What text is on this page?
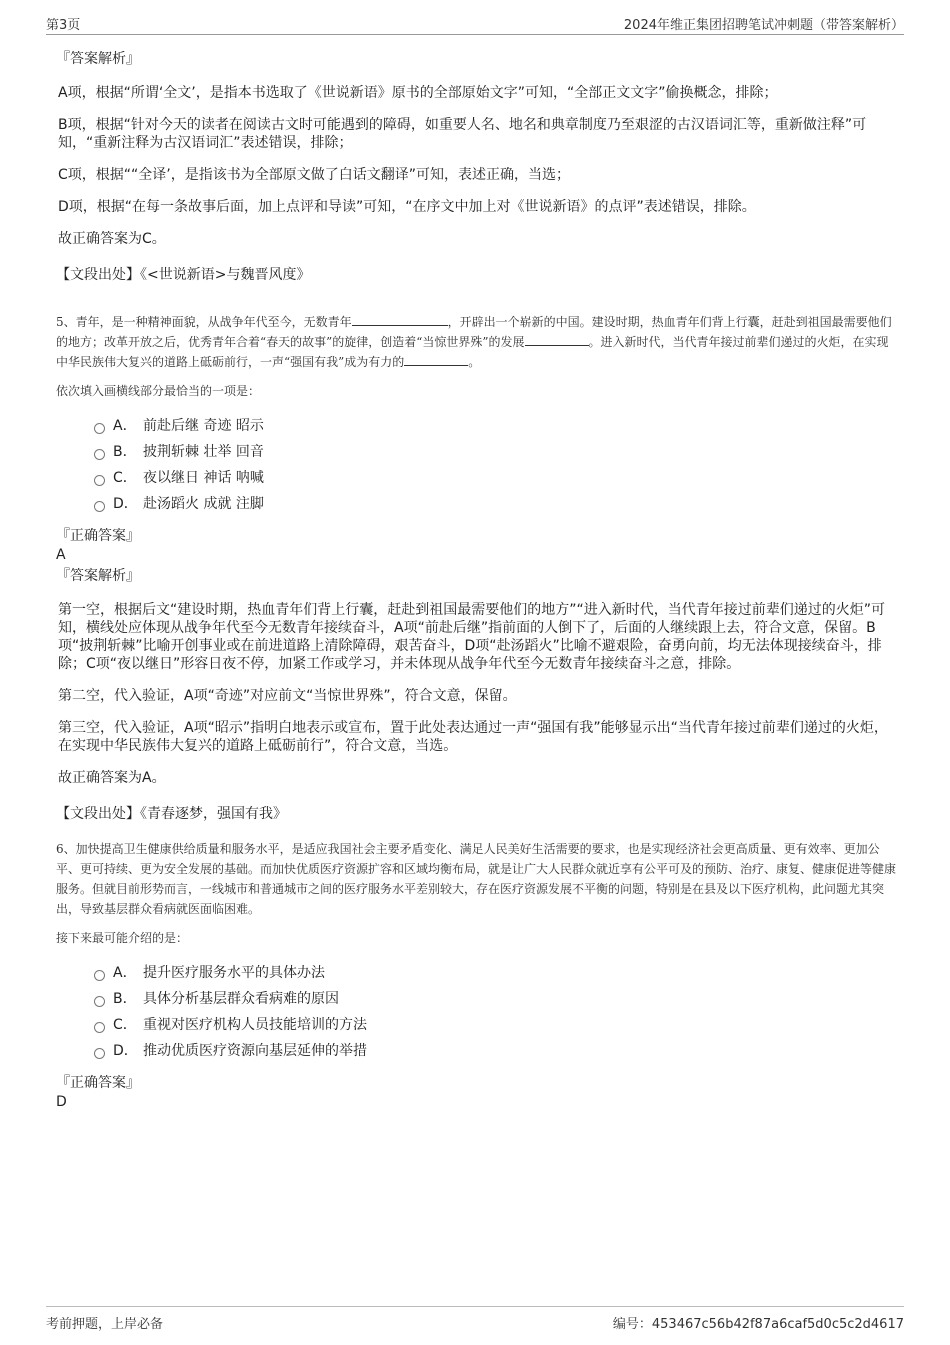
第3页	2024年维正集团招聘笔试冲刺题（带答案解析）
『答案解析』
A项，根据“所谓‘全文’，是指本书选取了《世说新语》原书的全部原始文字”可知，“全部正文文字”偷换概念，排除；
B项，根据“针对今天的读者在阅读古文时可能遇到的障碍，如重要人名、地名和典章制度乃至艰涩的古汉语词汇等，重新做注释”可知，“重新注释为古汉语词汇”表述错误，排除；
C项，根据““全译’，是指该书为全部原文做了白话文翻译”可知，表述正确，当选；
D项，根据“在每一条故事后面，加上点评和导读”可知，“在序文中加上对《世说新语》的点评”表述错误，排除。
故正确答案为C。
【文段出处】《<世说新语>与魏晋风度》
5、青年，是一种精神面貌，从战争年代至今，无数青年	，开辟出一个崭新的中国。建设时期，热血青年们背上行囊，赶赴到祖国最需要他们的地方；改革开放之后，优秀青年合着“春天的故事”的旋律，创造着“当惊世界殊”的发展	。进入新时代，当代青年接过前辈们递过的火炬，在实现中华民族伟大复兴的道路上砥砺前行，一声“强国有我”成为有力的	。
依次填入画横线部分最恰当的一项是：
A． 前赴后继 奇迹 昭示
B． 披荆斩棘 壮举 回音
C． 夜以继日 神话 呐喊
D． 赴汤蹈火 成就 注脚
『正确答案』
A
『答案解析』
第一空，根据后文“建设时期，热血青年们背上行囊，赶赴到祖国最需要他们的地方”“进入新时代，当代青年接过前辈们递过的火炬”可知，横线处应体现从战争年代至今无数青年接续奋斗，A项“前赴后继”指前面的人倒下了，后面的人继续跟上去，符合文意，保留。B项“披荆斩棘”比喻开创事业或在前进道路上清除障碍，艰苦奋斗，D项“赴汤蹈火”比喻不避艰险，奋勇向前，均无法体现接续奋斗，排除；C项“夜以继日”形容日夜不停，加紧工作或学习，并未体现从战争年代至今无数青年接续奋斗之意，排除。
第二空，代入验证，A项“奇迹”对应前文“当惊世界殊”，符合文意，保留。
第三空，代入验证，A项“昭示”指明白地表示或宣布，置于此处表达通过一声“强国有我”能够显示出“当代青年接过前辈们递过的火炬，在实现中华民族伟大复兴的道路上砥砺前行”，符合文意，当选。
故正确答案为A。
【文段出处】《青春逐梦，强国有我》
6、加快提高卫生健康供给质量和服务水平，是适应我国社会主要矛盾变化、满足人民美好生活需要的要求，也是实现经济社会更高质量、更有效率、更加公平、更可持续、更为安全发展的基础。而加快优质医疗资源扩容和区域均衡布局，就是让广大人民群众就近享有公平可及的预防、治疗、康复、健康促进等健康服务。但就目前形势而言，一线城市和普通城市之间的医疗服务水平差别较大，存在医疗资源发展不平衡的问题，特别是在县及以下医疗机构，此问题尤其突出，导致基层群众看病就医面临困难。
接下来最可能介绍的是：
A． 提升医疗服务水平的具体办法
B． 具体分析基层群众看病难的原因
C． 重视对医疗机构人员技能培训的方法
D． 推动优质医疗资源向基层延伸的举措
『正确答案』
D
考前押题，上岸必备	编号：453467c56b42f87a6caf5d0c5c2d4617
